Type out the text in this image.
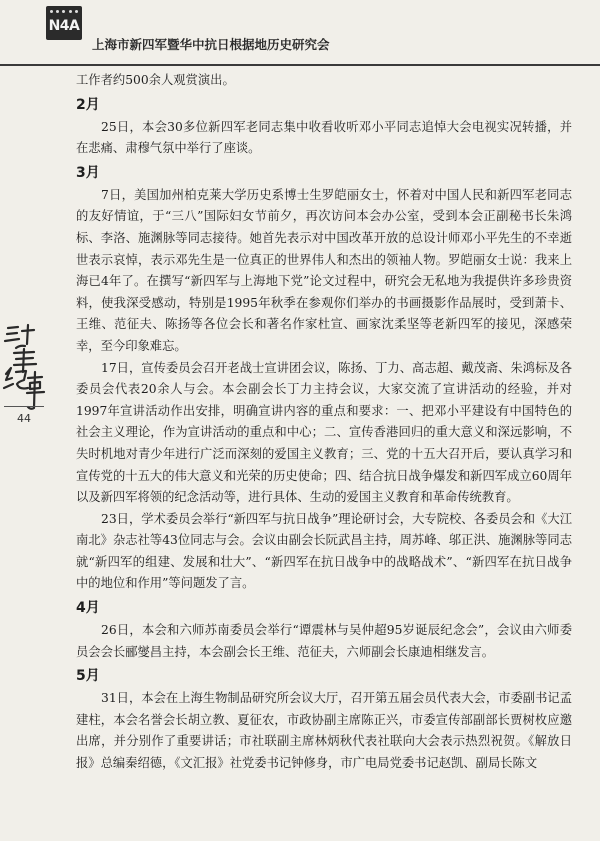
N4A
上海市新四军暨华中抗日根据地历史研究会
44

工作者约500余人观赏演出。

2月

25日，本会30多位新四军老同志集中收看收听邓小平同志追悼大会电视实况转播，并在悲痛、肃穆气氛中举行了座谈。

3月

7日，美国加州柏克莱大学历史系博士生罗皑丽女士，怀着对中国人民和新四军老同志的友好情谊，于“三八”国际妇女节前夕，再次访问本会办公室，受到本会正副秘书长朱鸿标、李洛、施渊脉等同志接待。她首先表示对中国改革开放的总设计师邓小平先生的不幸逝世表示哀悼，表示邓先生是一位真正的世界伟人和杰出的领袖人物。罗皑丽女士说：我来上海已4年了。在撰写“新四军与上海地下党”论文过程中，研究会无私地为我提供许多珍贵资料，使我深受感动，特别是1995年秋季在参观你们举办的书画摄影作品展时，受到萧卡、王维、范征夫、陈扬等各位会长和著名作家杜宣、画家沈柔坚等老新四军的接见，深感荣幸，至今印象难忘。

17日，宣传委员会召开老战士宣讲团会议，陈扬、丁力、高志超、戴茂斋、朱鸿标及各委员会代表20余人与会。本会副会长丁力主持会议，大家交流了宣讲活动的经验，并对1997年宣讲活动作出安排，明确宣讲内容的重点和要求：一、把邓小平建设有中国特色的社会主义理论，作为宣讲活动的重点和中心；二、宣传香港回归的重大意义和深远影响，不失时机地对青少年进行广泛而深刻的爱国主义教育；三、党的十五大召开后，要认真学习和宣传党的十五大的伟大意义和光荣的历史使命；四、结合抗日战争爆发和新四军成立60周年以及新四军将领的纪念活动等，进行具体、生动的爱国主义教育和革命传统教育。

23日，学术委员会举行“新四军与抗日战争”理论研讨会，大专院校、各委员会和《大江南北》杂志社等43位同志与会。会议由副会长阮武昌主持，周苏峰、邬正洪、施渊脉等同志就“新四军的组建、发展和壮大”、“新四军在抗日战争中的战略战术”、“新四军在抗日战争中的地位和作用”等问题发了言。

4月

26日，本会和六师苏南委员会举行“谭震林与吴仲超95岁诞辰纪念会”，会议由六师委员会会长郦燮昌主持，本会副会长王维、范征夫，六师副会长康迪相继发言。

5月

31日，本会在上海生物制品研究所会议大厅，召开第五届会员代表大会，市委副书记孟建柱，本会名誉会长胡立教、夏征农，市政协副主席陈正兴，市委宣传部副部长贾树枚应邀出席，并分别作了重要讲话；市社联副主席林炳秋代表社联向大会表示热烈祝贺。《解放日报》总编秦绍德，《文汇报》社党委书记钟修身，市广电局党委书记赵凯、副局长陈文
